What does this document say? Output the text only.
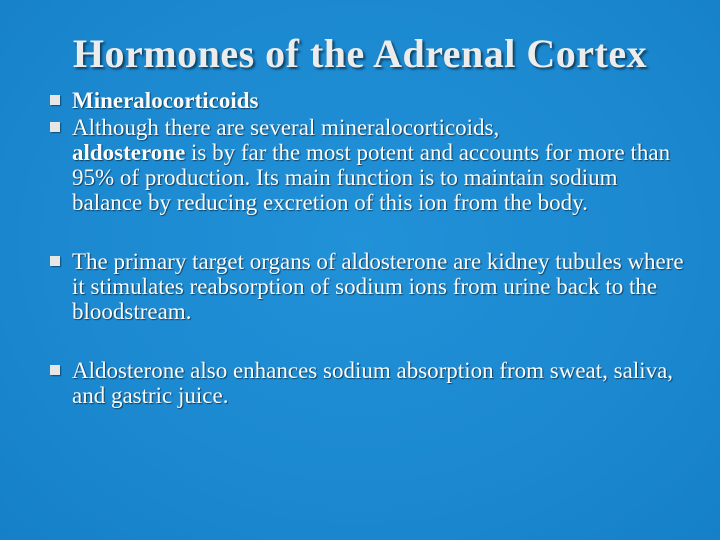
Hormones of the Adrenal Cortex
Mineralocorticoids
Although there are several mineralocorticoids,
aldosterone is by far the most potent and accounts for more than 95% of production. Its main function is to maintain sodium balance by reducing excretion of this ion from the body.
The primary target organs of aldosterone are kidney tubules where it stimulates reabsorption of sodium ions from urine back to the bloodstream.
Aldosterone also enhances sodium absorption from sweat, saliva, and gastric juice.
